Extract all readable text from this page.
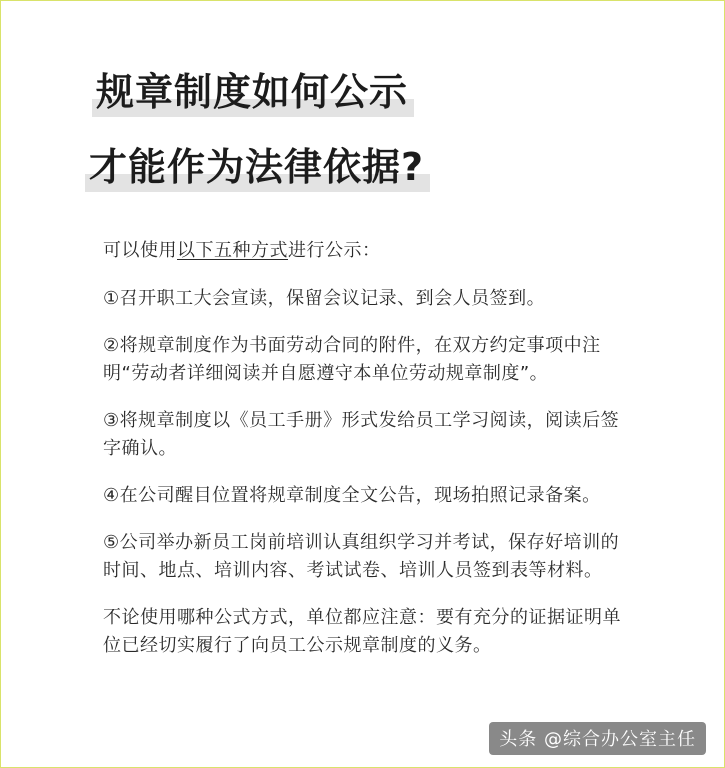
规章制度如何公示
才能作为法律依据?

可以使用以下五种方式进行公示：

①召开职工大会宣读，保留会议记录、到会人员签到。

②将规章制度作为书面劳动合同的附件，在双方约定事项中注明“劳动者详细阅读并自愿遵守本单位劳动规章制度”。

③将规章制度以《员工手册》形式发给员工学习阅读，阅读后签字确认。

④在公司醒目位置将规章制度全文公告，现场拍照记录备案。

⑤公司举办新员工岗前培训认真组织学习并考试，保存好培训的时间、地点、培训内容、考试试卷、培训人员签到表等材料。

不论使用哪种公式方式，单位都应注意：要有充分的证据证明单位已经切实履行了向员工公示规章制度的义务。

头条 @综合办公室主任
